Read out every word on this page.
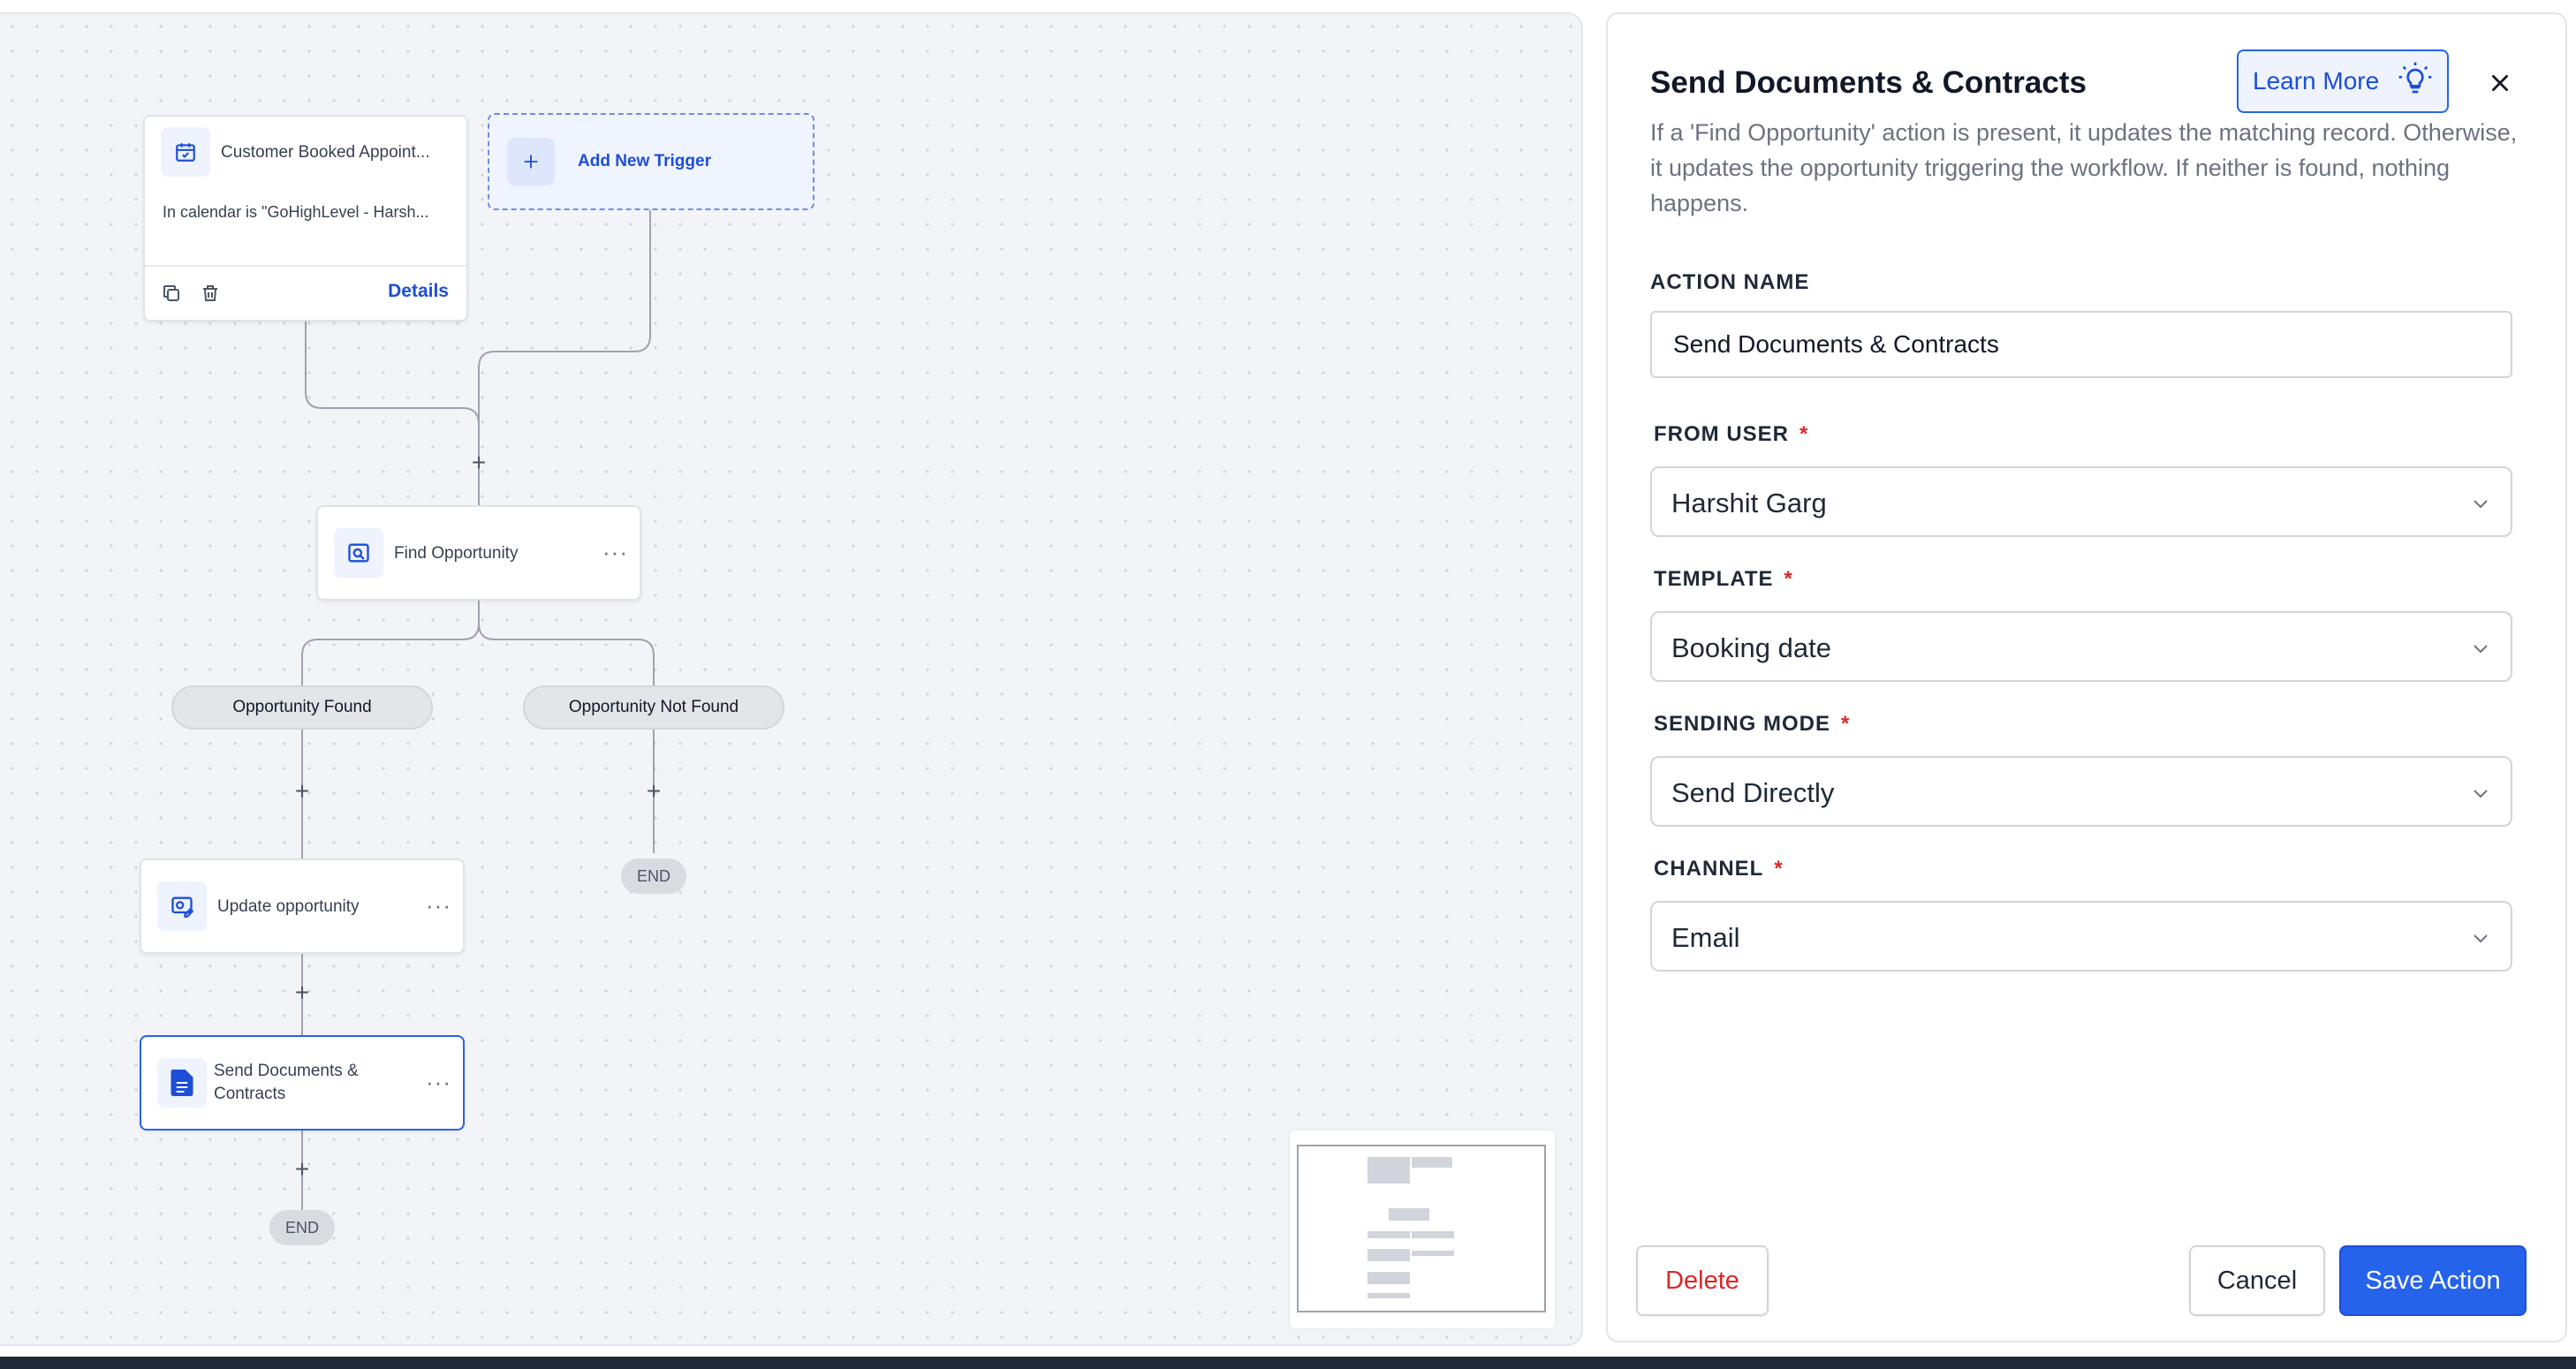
Customer Booked Appoint...
In calendar is "GoHighLevel - Harsh...
Details
Add New Trigger
+
Find Opportunity	···
Opportunity Found	Opportunity Not Found
+	+
END
Update opportunity	···
+
Send Documents &
Contracts	···
+
END
Send Documents & Contracts	Learn More
If a 'Find Opportunity' action is present, it updates the matching record. Otherwise, it updates the opportunity triggering the workflow. If neither is found, nothing happens.
ACTION NAME
Send Documents & Contracts
FROM USER *
Harshit Garg
TEMPLATE *
Booking date
SENDING MODE *
Send Directly
CHANNEL *
Email
Delete	Cancel	Save Action
